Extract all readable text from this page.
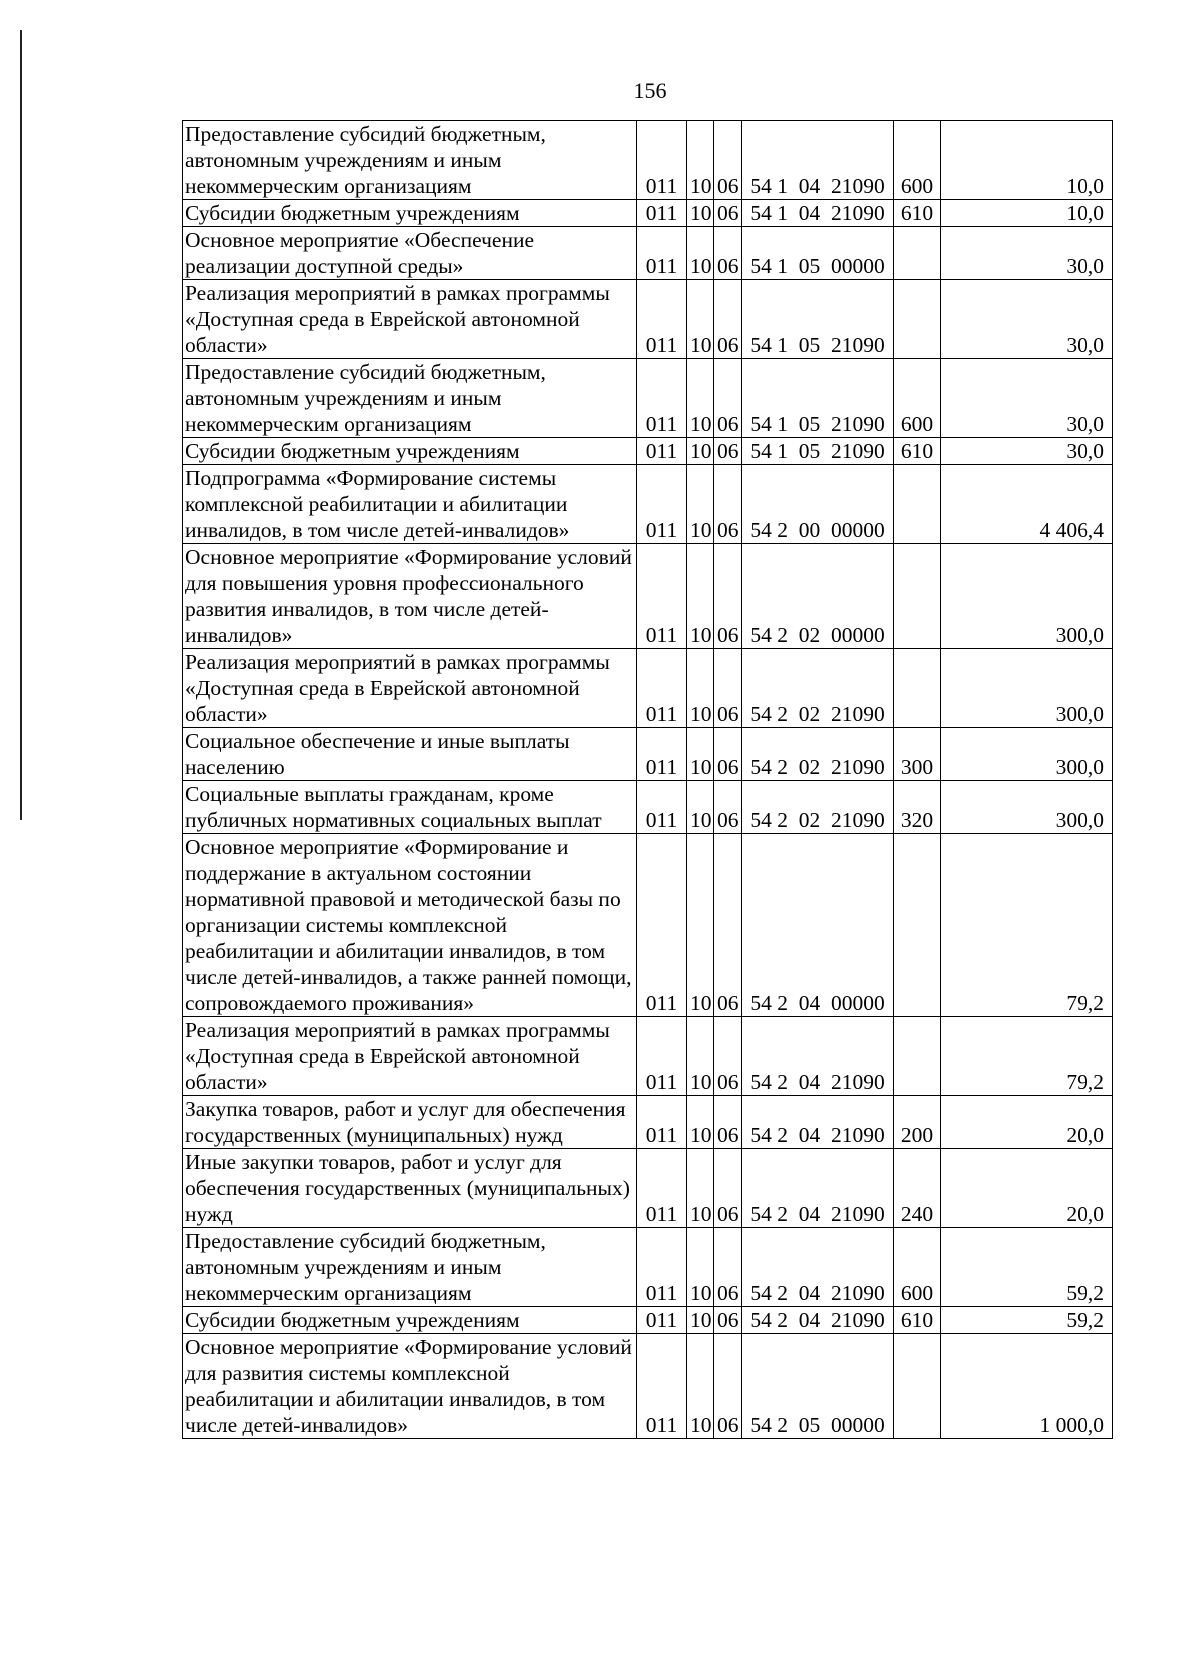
156
Предоставление субсидий бюджетным, автономным учреждениям и иным некоммерческим организациям	011	10	06	54 1  04  21090	600	10,0
Субсидии бюджетным учреждениям	011	10	06	54 1  04  21090	610	10,0
Основное мероприятие «Обеспечение реализации доступной среды»	011	10	06	54 1  05  00000		30,0
Реализация мероприятий в рамках программы «Доступная среда в Еврейской автономной области»	011	10	06	54 1  05  21090		30,0
Предоставление субсидий бюджетным, автономным учреждениям и иным некоммерческим организациям	011	10	06	54 1  05  21090	600	30,0
Субсидии бюджетным учреждениям	011	10	06	54 1  05  21090	610	30,0
Подпрограмма «Формирование системы комплексной реабилитации и абилитации инвалидов, в том числе детей-инвалидов»	011	10	06	54 2  00  00000		4 406,4
Основное мероприятие «Формирование условий для повышения уровня профессионального развития инвалидов, в том числе детей-инвалидов»	011	10	06	54 2  02  00000		300,0
Реализация мероприятий в рамках программы «Доступная среда в Еврейской автономной области»	011	10	06	54 2  02  21090		300,0
Социальное обеспечение и иные выплаты населению	011	10	06	54 2  02  21090	300	300,0
Социальные выплаты гражданам, кроме публичных нормативных социальных выплат	011	10	06	54 2  02  21090	320	300,0
Основное мероприятие «Формирование и поддержание в актуальном состоянии нормативной правовой и методической базы по организации системы комплексной реабилитации и абилитации инвалидов, в том числе детей-инвалидов, а также ранней помощи, сопровождаемого проживания»	011	10	06	54 2  04  00000		79,2
Реализация мероприятий в рамках программы «Доступная среда в Еврейской автономной области»	011	10	06	54 2  04  21090		79,2
Закупка товаров, работ и услуг для обеспечения государственных (муниципальных) нужд	011	10	06	54 2  04  21090	200	20,0
Иные закупки товаров, работ и услуг для обеспечения государственных (муниципальных) нужд	011	10	06	54 2  04  21090	240	20,0
Предоставление субсидий бюджетным, автономным учреждениям и иным некоммерческим организациям	011	10	06	54 2  04  21090	600	59,2
Субсидии бюджетным учреждениям	011	10	06	54 2  04  21090	610	59,2
Основное мероприятие «Формирование условий для развития системы комплексной реабилитации и абилитации инвалидов, в том числе детей-инвалидов»	011	10	06	54 2  05  00000		1 000,0
